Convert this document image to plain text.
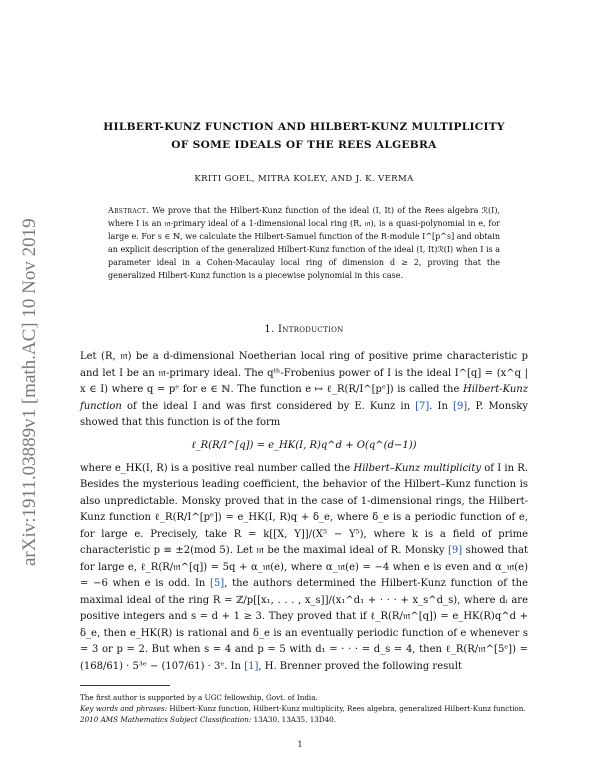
arXiv:1911.03889v1 [math.AC] 10 Nov 2019

HILBERT-KUNZ FUNCTION AND HILBERT-KUNZ MULTIPLICITY

OF SOME IDEALS OF THE REES ALGEBRA

KRITI GOEL, MITRA KOLEY, AND J. K. VERMA
Abstract. We prove that the Hilbert-Kunz function of the ideal (I, It) of the Rees algebra ℛ(I), where I is an 𝔪-primary ideal of a 1-dimensional local ring (R, 𝔪), is a quasi-polynomial in e, for large e. For s ∈ ℕ, we calculate the Hilbert-Samuel function of the R-module I^[p^s] and obtain an explicit description of the generalized Hilbert-Kunz function of the ideal (I, It)ℛ(I) when I is a parameter ideal in a Cohen-Macaulay local ring of dimension d ≥ 2, proving that the generalized Hilbert-Kunz function is a piecewise polynomial in this case.
1. Introduction

Let (R, 𝔪) be a d-dimensional Noetherian local ring of positive prime characteristic p and let I be an 𝔪-primary ideal. The qᵗʰ-Frobenius power of I is the ideal I^[q] = (x^q | x ∈ I) where q = pᵉ for e ∈ ℕ. The function e ↦ ℓ_R(R/I^[pᵉ]) is called the Hilbert-Kunz function of the ideal I and was first considered by E. Kunz in [7]. In [9], P. Monsky showed that this function is of the form

ℓ_R(R/I^[q]) = e_HK(I, R)q^d + O(q^(d−1))

where e_HK(I, R) is a positive real number called the Hilbert–Kunz multiplicity of I in R. Besides the mysterious leading coefficient, the behavior of the Hilbert–Kunz function is also unpredictable. Monsky proved that in the case of 1-dimensional rings, the Hilbert-Kunz function ℓ_R(R/I^[pᵉ]) = e_HK(I, R)q + δ_e, where δ_e is a periodic function of e, for large e. Precisely, take R = k[[X, Y]]/(X⁵ − Y⁵), where k is a field of prime characteristic p ≡ ±2(mod 5). Let 𝔪 be the maximal ideal of R. Monsky [9] showed that for large e, ℓ_R(R/𝔪^[q]) = 5q + α_𝔪(e), where α_𝔪(e) = −4 when e is even and α_𝔪(e) = −6 when e is odd. In [5], the authors determined the Hilbert-Kunz function of the maximal ideal of the ring R = ℤ/p[[x₁, . . . , x_s]]/(x₁^d₁ + · · · + x_s^d_s), where dᵢ are positive integers and s = d + 1 ≥ 3. They proved that if ℓ_R(R/𝔪^[q]) = e_HK(R)q^d + δ_e, then e_HK(R) is rational and δ_e is an eventually periodic function of e whenever s = 3 or p = 2. But when s = 4 and p = 5 with d₁ = · · · = d_s = 4, then ℓ_R(R/𝔪^[5ᵉ]) = (168/61) · 5³ᵉ − (107/61) · 3ᵉ. In [1], H. Brenner proved the following result

The first author is supported by a UGC fellowship, Govt. of India.

Key words and phrases: Hilbert-Kunz function, Hilbert-Kunz multiplicity, Rees algebra, generalized Hilbert-Kunz function.

2010 AMS Mathematics Subject Classification: 13A30, 13A35, 13D40.

1
